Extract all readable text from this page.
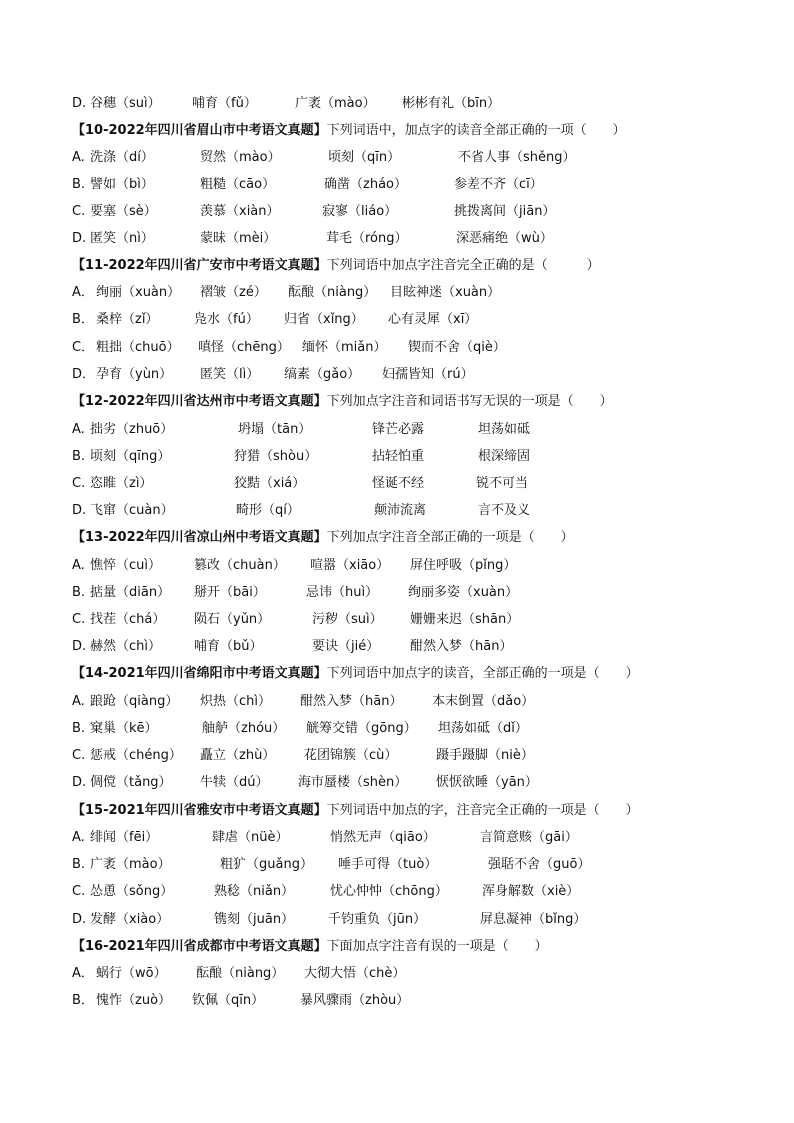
D. 谷穗（suì） 哺育（fǔ）	广袤（mào） 彬彬有礼（bīn）
【10-2022年四川省眉山市中考语文真题】下列词语中，加点字的读音全部正确的一项（　　）
A. 洗涤（dí）	贸然（mào）	顷刻（qīn）	不省人事（shěng）
B. 譬如（bì）	粗糙（cāo）	确凿（zháo）	参差不齐（cī）
C. 要塞（sè）	羡慕（xiàn）	寂寥（liáo）	挑拨离间（jiān）
D. 匿笑（nì）	蒙昧（mèi）	茸毛（róng）	深恶痛绝（wù）
【11-2022年四川省广安市中考语文真题】下列词语中加点字注音完全正确的是（　　　）
A． 绚丽（xuàn） 褶皱（zé） 酝酿（niàng） 目眩神迷（xuàn）
B． 桑梓（zǐ）	凫水（fú） 归省（xǐng） 心有灵犀（xī）
C． 粗拙（chuō） 嗔怪（chēng） 缅怀（miǎn） 锲而不舍（qiè）
D． 孕育（yùn） 匿笑（lì） 缟素（gǎo） 妇孺皆知（rú）
【12-2022年四川省达州市中考语文真题】下列加点字注音和词语书写无误的一项是（　　）
A. 拙劣（zhuō）	坍塌（tān）	锋芒必露	坦荡如砥
B. 顷刻（qīng）	狩猎（shòu）	拈轻怕重	根深缔固
C. 恣睢（zì）	狡黠（xiá）	怪诞不经	锐不可当
D. 飞窜（cuàn）	畸形（qí）	颠沛流离	言不及义
【13-2022年四川省凉山州中考语文真题】下列加点字注音全部正确的一项是（　　）
A. 憔悴（cuì）	篡改（chuàn） 喧嚣（xiāo） 屏住呼吸（pǐng）
B. 掂量（diān） 掰开（bāi）	忌讳（huì） 绚丽多姿（xuàn）
C. 找茬（chá） 陨石（yǔn）	污秽（suì） 姗姗来迟（shān）
D. 赫然（chì）	哺育（bǔ）	要诀（jié） 酣然入梦（hān）
【14-2021年四川省绵阳市中考语文真题】下列词语中加点字的读音，全部正确的一项是（　　）
A. 踉跄（qiàng） 炽热（chì） 酣然入梦（hān） 本末倒置（dǎo）
B. 窠巢（kē）	舳舻（zhóu） 觥筹交错（gōng） 坦荡如砥（dǐ）
C. 惩戒（chéng） 矗立（zhù） 花团锦簇（cù）	蹑手蹑脚（niè）
D. 倜傥（tǎng） 牛犊（dú） 海市蜃楼（shèn） 恹恹欲睡（yān）
【15-2021年四川省雅安市中考语文真题】下列词语中加点的字，注音完全正确的一项是（　　）
A. 绯闻（fēi）	肆虐（nüè）	悄然无声（qiāo）	言简意赅（gāi）
B. 广袤（mào）	粗犷（guǎng） 唾手可得（tuò）	强聒不舍（guō）
C. 怂恿（sǒng）	熟稔（niǎn）	忧心忡忡（chōng）	浑身解数（xiè）
D. 发酵（xiào）	镌刻（juān）	千钧重负（jūn）	屏息凝神（bǐng）
【16-2021年四川省成都市中考语文真题】下面加点字注音有误的一项是（　　）
A． 蜗行（wō） 酝酿（niàng） 大彻大悟（chè）
B． 愧怍（zuò） 钦佩（qīn）	暴风骤雨（zhòu）
